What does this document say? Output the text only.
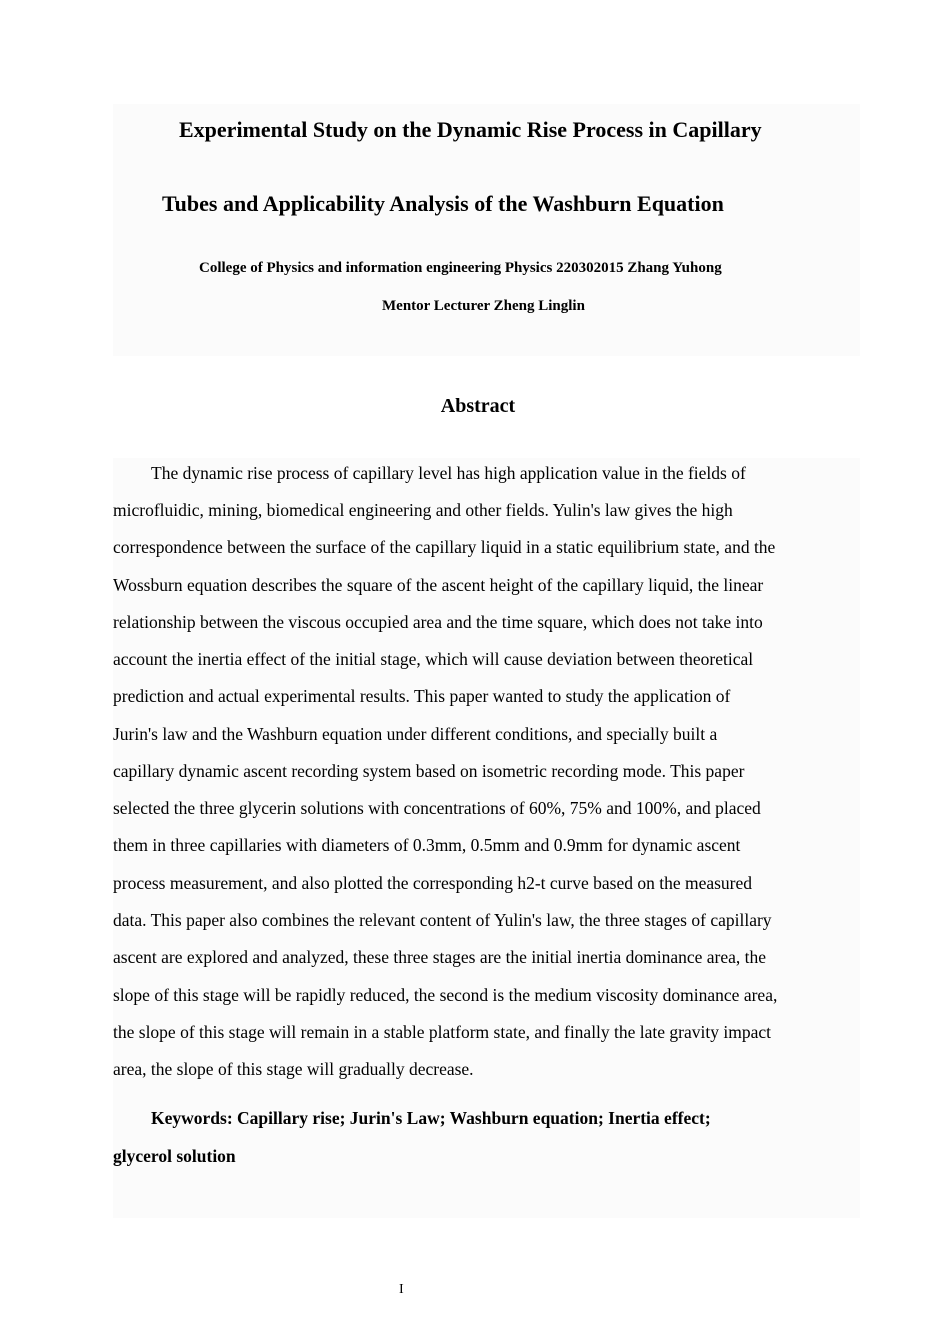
Experimental Study on the Dynamic Rise Process in Capillary
Tubes and Applicability Analysis of the Washburn Equation
College of Physics and information engineering Physics 220302015 Zhang Yuhong
Mentor Lecturer Zheng Linglin
Abstract
The dynamic rise process of capillary level has high application value in the fields of
microfluidic, mining, biomedical engineering and other fields. Yulin's law gives the high
correspondence between the surface of the capillary liquid in a static equilibrium state, and the
Wossburn equation describes the square of the ascent height of the capillary liquid, the linear
relationship between the viscous occupied area and the time square, which does not take into
account the inertia effect of the initial stage, which will cause deviation between theoretical
prediction and actual experimental results. This paper wanted to study the application of
Jurin's law and the Washburn equation under different conditions, and specially built a
capillary dynamic ascent recording system based on isometric recording mode. This paper
selected the three glycerin solutions with concentrations of 60%, 75% and 100%, and placed
them in three capillaries with diameters of 0.3mm, 0.5mm and 0.9mm for dynamic ascent
process measurement, and also plotted the corresponding h2-t curve based on the measured
data. This paper also combines the relevant content of Yulin's law, the three stages of capillary
ascent are explored and analyzed, these three stages are the initial inertia dominance area, the
slope of this stage will be rapidly reduced, the second is the medium viscosity dominance area,
the slope of this stage will remain in a stable platform state, and finally the late gravity impact
area, the slope of this stage will gradually decrease.
Keywords: Capillary rise; Jurin's Law; Washburn equation; Inertia effect;
glycerol solution
I
